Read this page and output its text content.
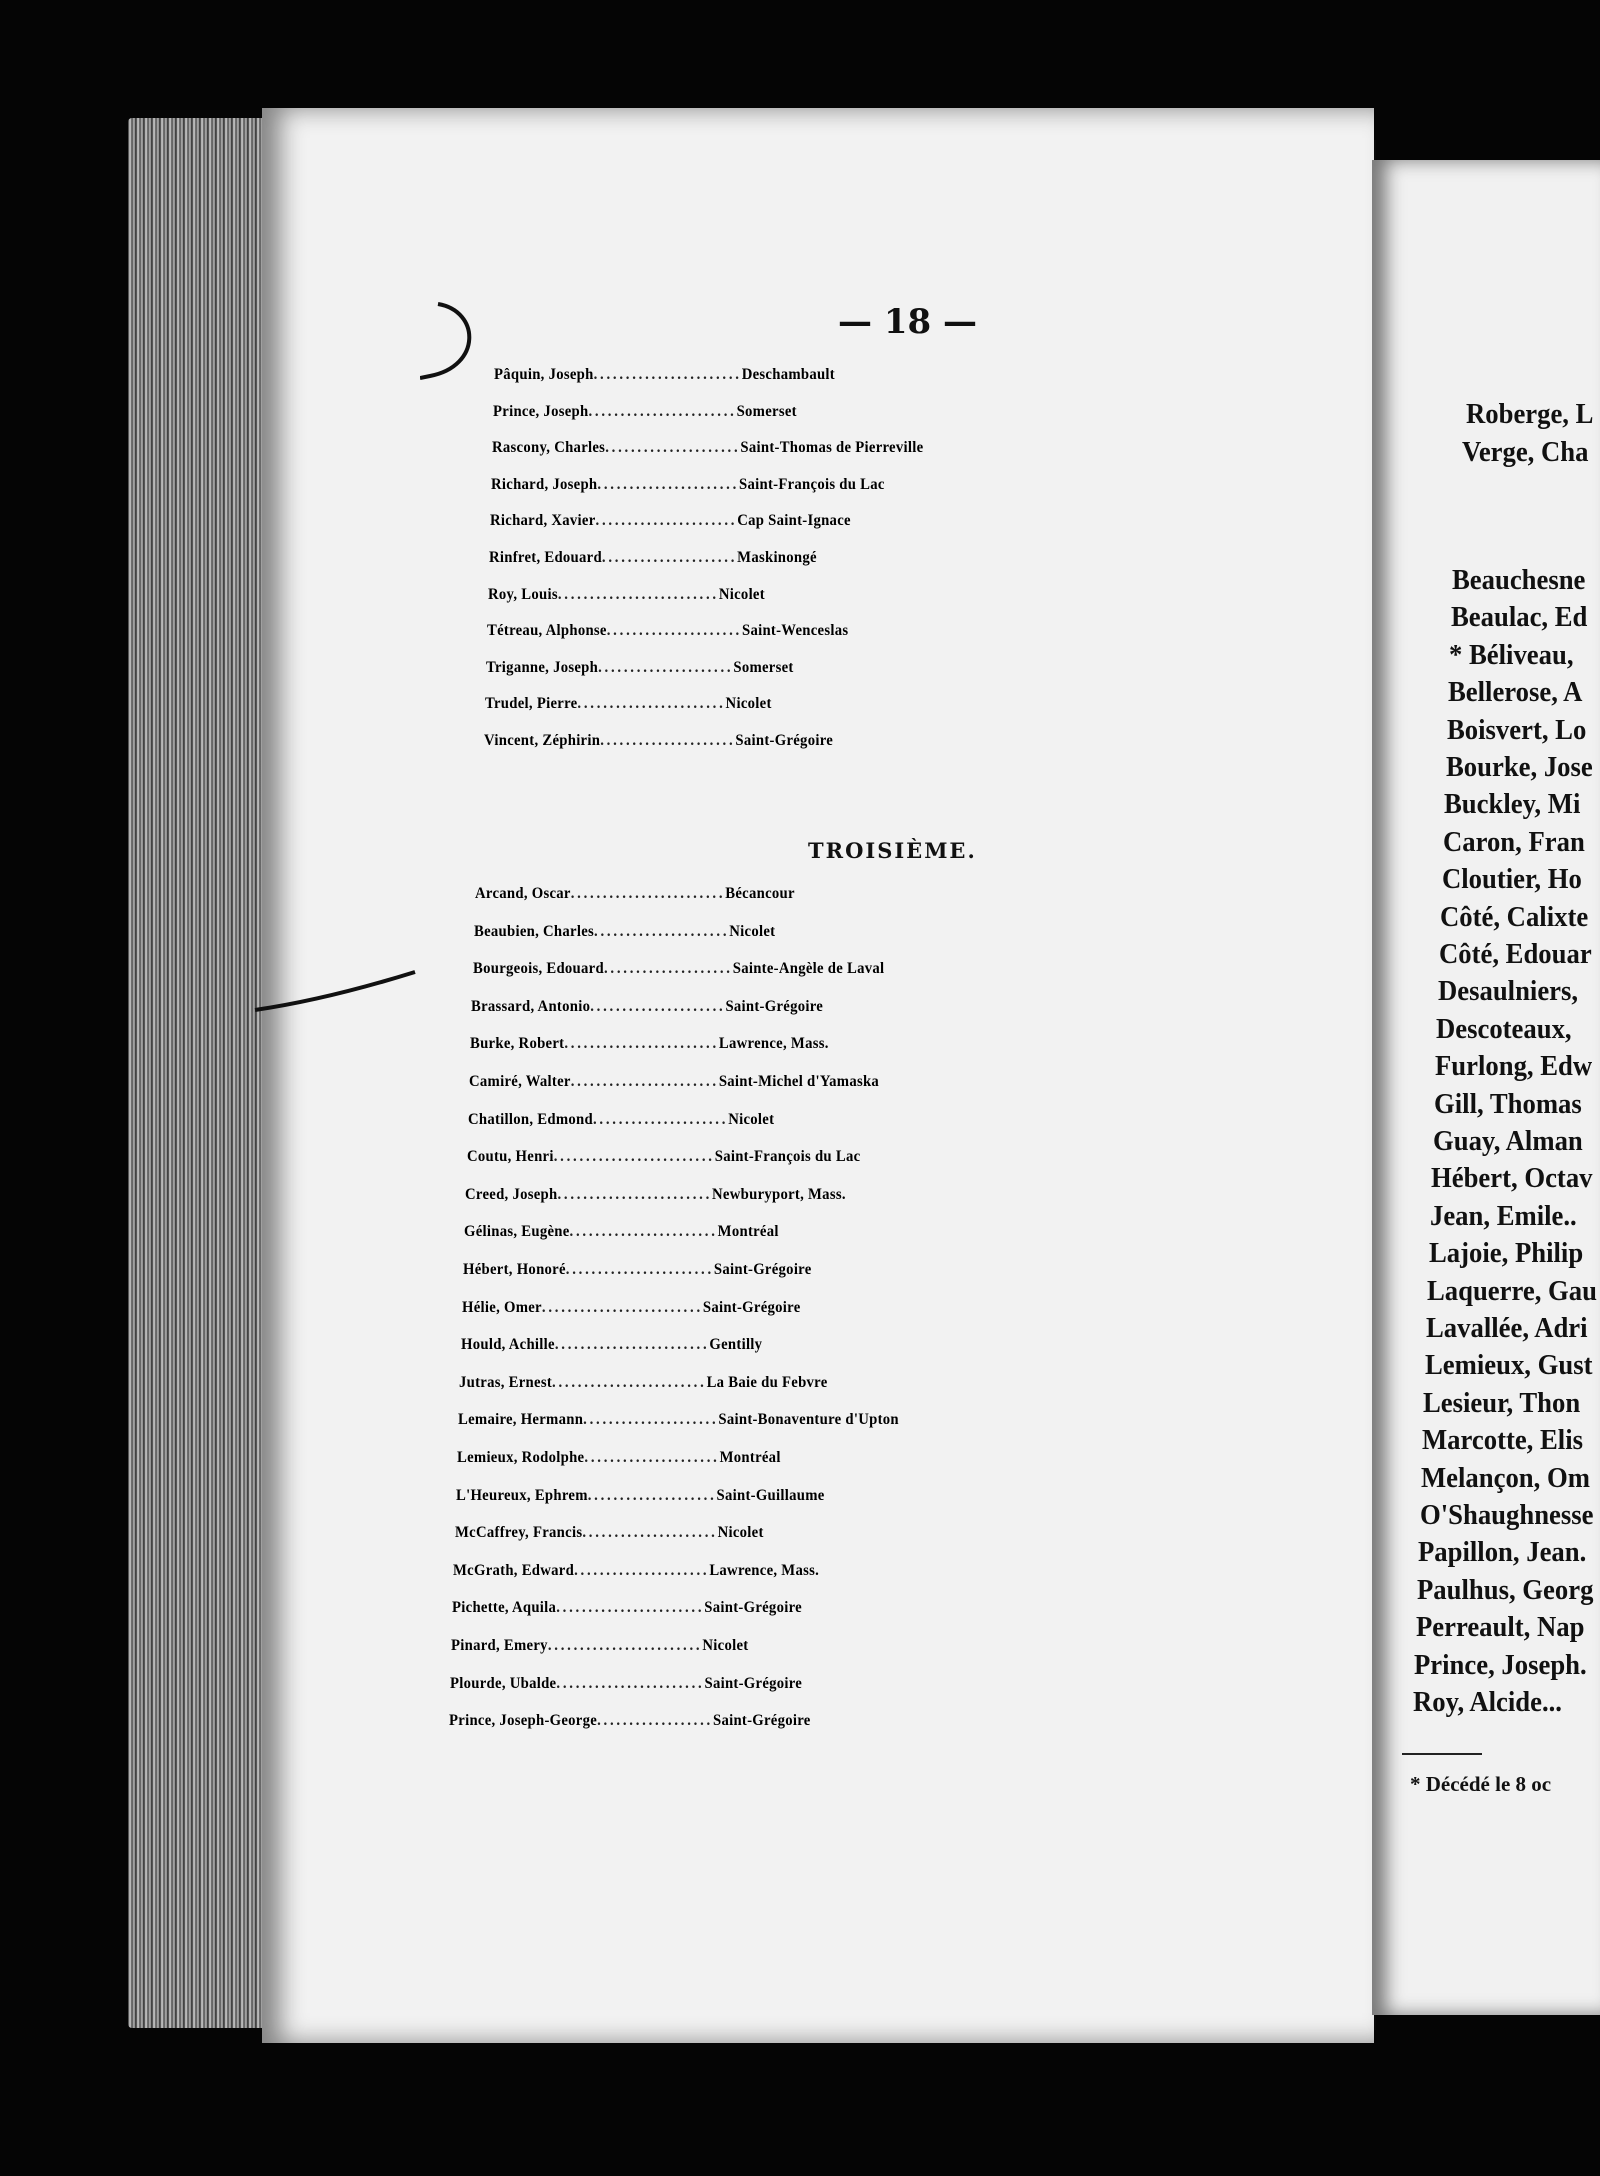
— 18 —
Pâquin, Joseph.......................Deschambault
Prince, Joseph.......................Somerset
Rascony, Charles.....................Saint-Thomas de Pierreville
Richard, Joseph......................Saint-François du Lac
Richard, Xavier......................Cap Saint-Ignace
Rinfret, Edouard.....................Maskinongé
Roy, Louis.........................Nicolet
Tétreau, Alphonse.....................Saint-Wenceslas
Triganne, Joseph.....................Somerset
Trudel, Pierre.......................Nicolet
Vincent, Zéphirin.....................Saint-Grégoire
TROISIÈME.
Arcand, Oscar........................Bécancour
Beaubien, Charles.....................Nicolet
Bourgeois, Edouard....................Sainte-Angèle de Laval
Brassard, Antonio.....................Saint-Grégoire
Burke, Robert........................Lawrence, Mass.
Camiré, Walter.......................Saint-Michel d'Yamaska
Chatillon, Edmond.....................Nicolet
Coutu, Henri.........................Saint-François du Lac
Creed, Joseph........................Newburyport, Mass.
Gélinas, Eugène.......................Montréal
Hébert, Honoré.......................Saint-Grégoire
Hélie, Omer.........................Saint-Grégoire
Hould, Achille........................Gentilly
Jutras, Ernest........................La Baie du Febvre
Lemaire, Hermann.....................Saint-Bonaventure d'Upton
Lemieux, Rodolphe.....................Montréal
L'Heureux, Ephrem....................Saint-Guillaume
McCaffrey, Francis.....................Nicolet
McGrath, Edward.....................Lawrence, Mass.
Pichette, Aquila.......................Saint-Grégoire
Pinard, Emery........................Nicolet
Plourde, Ubalde.......................Saint-Grégoire
Prince, Joseph-George..................Saint-Grégoire
Roberge, L
Verge, Cha
Beauchesne
Beaulac, Ed
* Béliveau,
Bellerose, A
Boisvert, Lo
Bourke, Jose
Buckley, Mi
Caron, Fran
Cloutier, Ho
Côté, Calixte
Côté, Edouar
Desaulniers,
Descoteaux,
Furlong, Edw
Gill, Thomas
Guay, Alman
Hébert, Octav
Jean, Emile..
Lajoie, Philip
Laquerre, Gau
Lavallée, Adri
Lemieux, Gust
Lesieur, Thon
Marcotte, Elis
Melançon, Om
O'Shaughnesse
Papillon, Jean.
Paulhus, Georg
Perreault, Nap
Prince, Joseph.
Roy, Alcide...
* Décédé le 8 oc
